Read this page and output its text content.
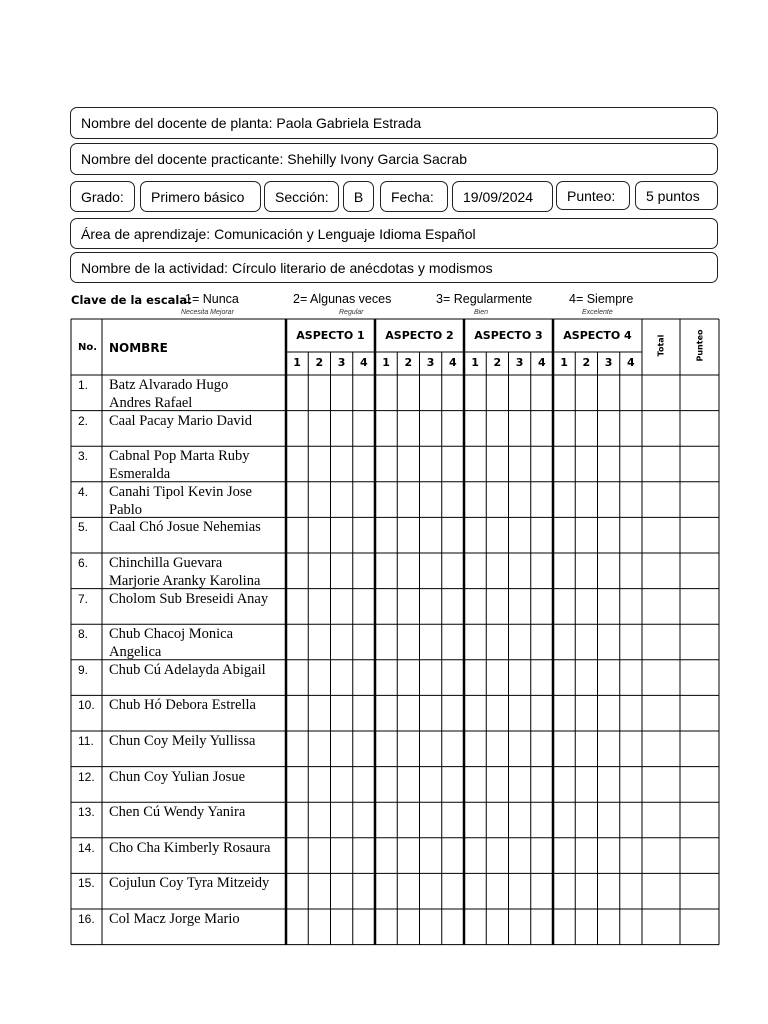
Nombre del docente de planta: Paola Gabriela Estrada
Nombre del docente practicante: Shehilly Ivony Garcia Sacrab
Grado: Primero básico Sección: B Fecha: 19/09/2024 Punteo: 5 puntos
Área de aprendizaje: Comunicación y Lenguaje Idioma Español
Nombre de la actividad: Círculo literario de anécdotas y modismos
Clave de la escala:
1= Nunca
Necesita Mejorar
2= Algunas veces
Regular
3= Regularmente
Bien
4= Siempre
Excelente
No. NOMBRE
ASPECTO 1
1	2	3	4
ASPECTO 2
1	2	3	4
ASPECTO 3
1	2	3	4
ASPECTO 4
1	2	3	4
Total	Punteo
1. Batz Alvarado Hugo
Andres Rafael
2. Caal Pacay Mario David
3. Cabnal Pop Marta Ruby
Esmeralda
4. Canahi Tipol Kevin Jose
Pablo
5. Caal Chó Josue Nehemias
6. Chinchilla Guevara
Marjorie Aranky Karolina
7. Cholom Sub Breseidi Anay
8. Chub Chacoj Monica
Angelica
9. Chub Cú Adelayda Abigail
10. Chub Hó Debora Estrella
11. Chun Coy Meily Yullissa
12. Chun Coy Yulian Josue
13. Chen Cú Wendy Yanira
14. Cho Cha Kimberly Rosaura
15. Cojulun Coy Tyra Mitzeidy
16. Col Macz Jorge Mario
